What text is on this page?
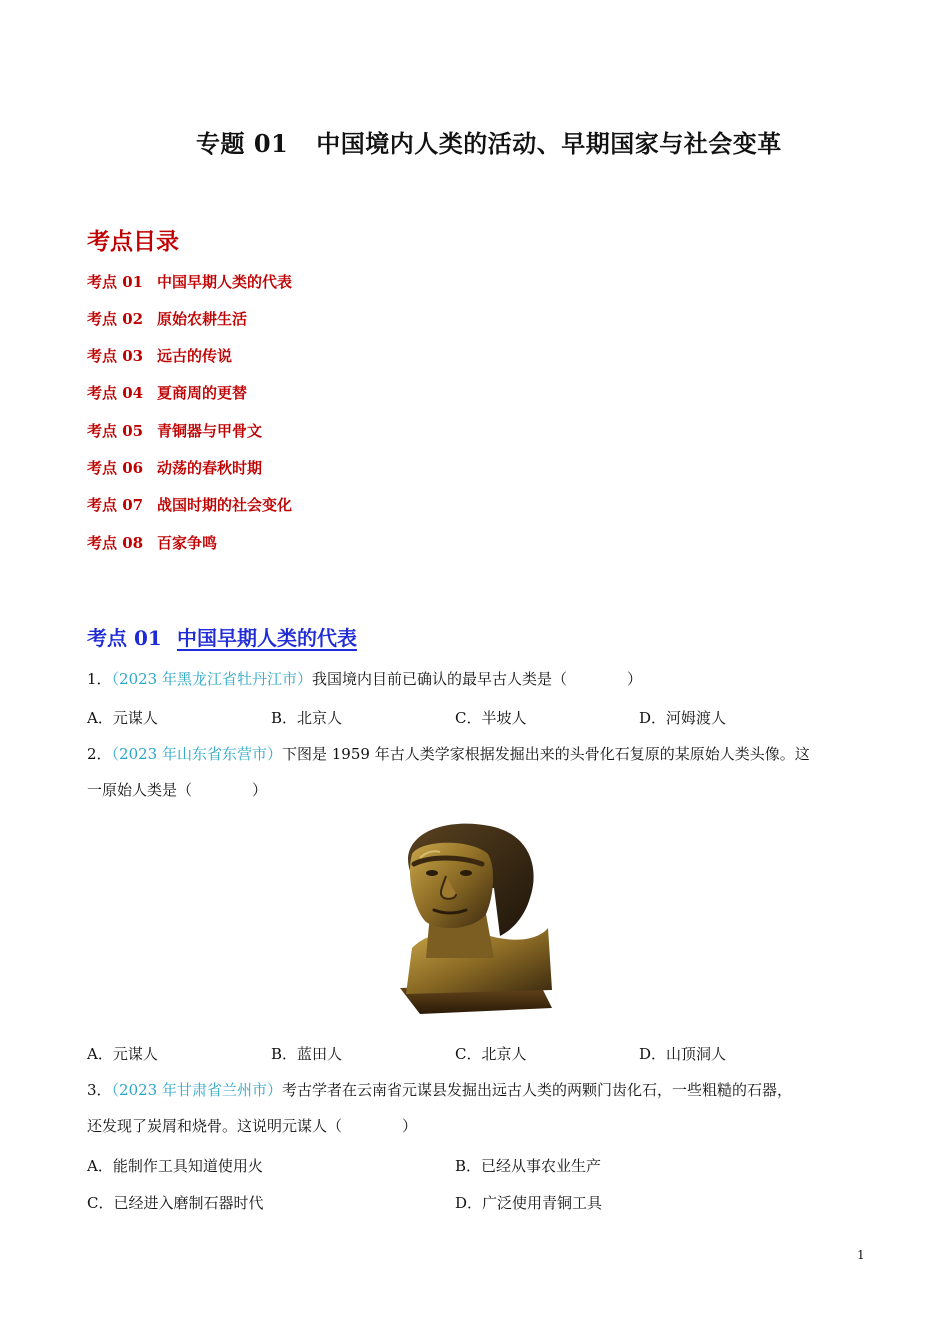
专题 01 中国境内人类的活动、早期国家与社会变革
考点目录
考点 01 中国早期人类的代表
考点 02 原始农耕生活
考点 03 远古的传说
考点 04 夏商周的更替
考点 05 青铜器与甲骨文
考点 06 动荡的春秋时期
考点 07 战国时期的社会变化
考点 08 百家争鸣
考点 01 中国早期人类的代表
1．（2023 年黑龙江省牡丹江市）我国境内目前已确认的最早古人类是（　　　　）
A．元谋人	B．北京人	C．半坡人	D．河姆渡人
2．（2023 年山东省东营市）下图是 1959 年古人类学家根据发掘出来的头骨化石复原的某原始人类头像。这
一原始人类是（　　　　）
A．元谋人	B．蓝田人	C．北京人	D．山顶洞人
3．（2023 年甘肃省兰州市）考古学者在云南省元谋县发掘出远古人类的两颗门齿化石，一些粗糙的石器，
还发现了炭屑和烧骨。这说明元谋人（　　　　）
A．能制作工具知道使用火	B．已经从事农业生产
C．已经进入磨制石器时代	D．广泛使用青铜工具
1
